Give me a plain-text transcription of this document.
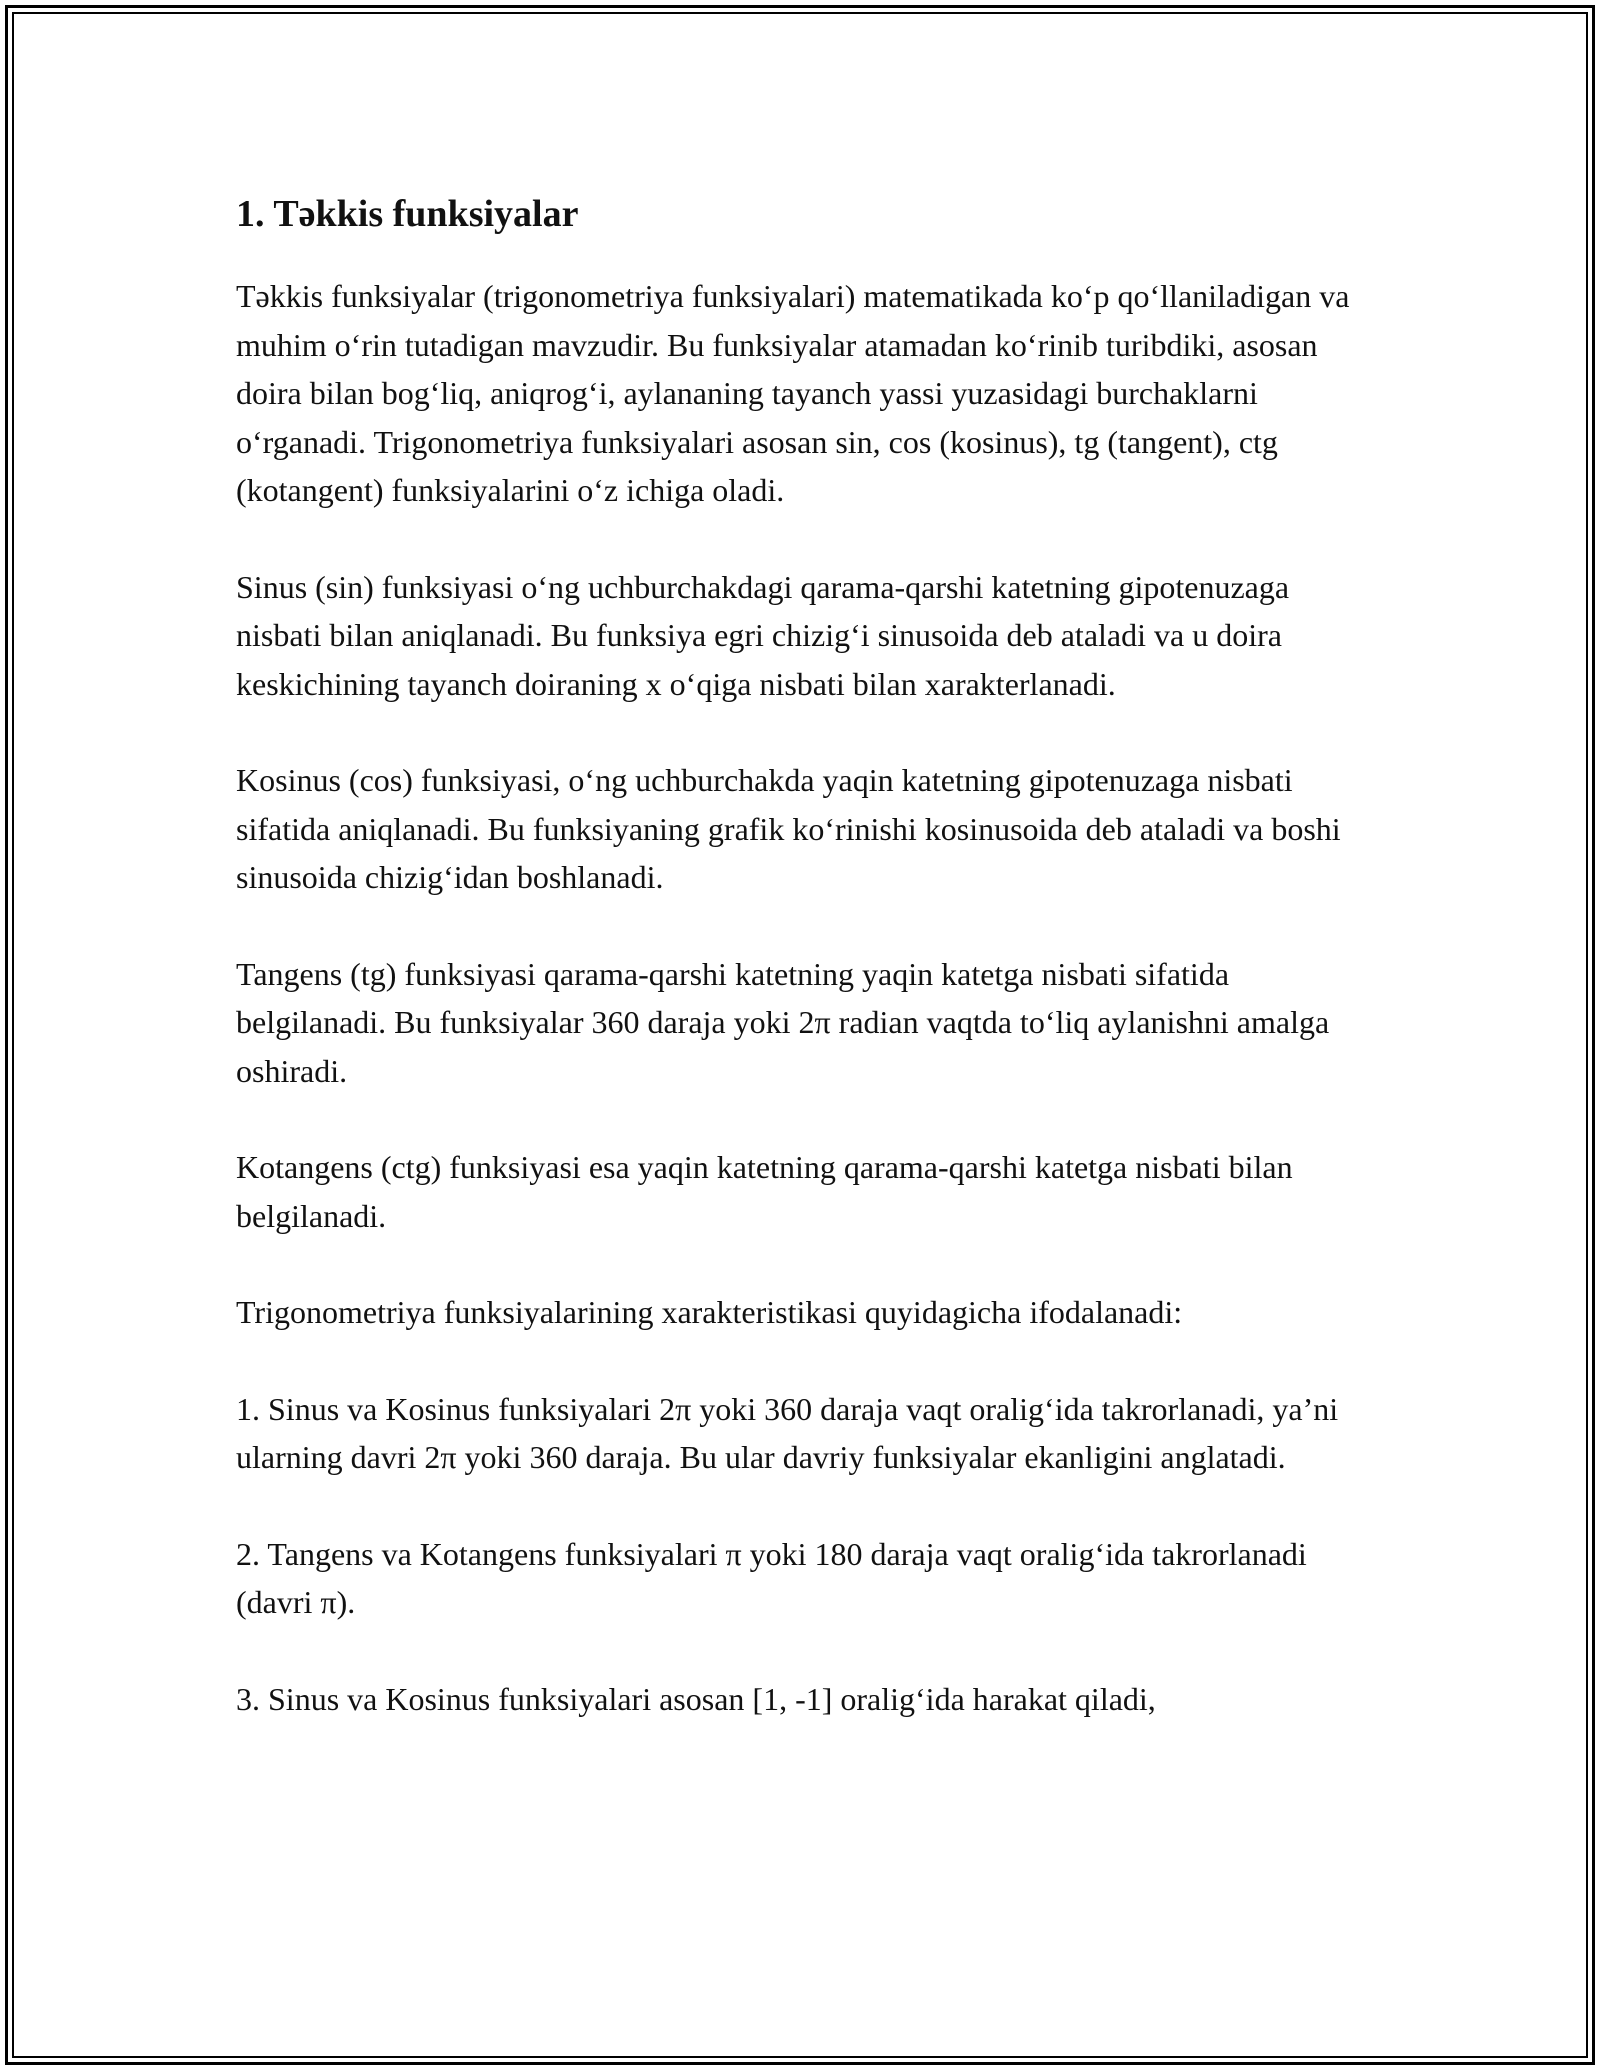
1. Təkkis funksiyalar

Təkkis funksiyalar (trigonometriya funksiyalari) matematikada ko‘p qo‘llaniladigan va muhim o‘rin tutadigan mavzudir. Bu funksiyalar atamadan ko‘rinib turibdiki, asosan doira bilan bog‘liq, aniqrog‘i, aylananing tayanch yassi yuzasidagi burchaklarni o‘rganadi. Trigonometriya funksiyalari asosan sin, cos (kosinus), tg (tangent), ctg (kotangent) funksiyalarini o‘z ichiga oladi.

Sinus (sin) funksiyasi o‘ng uchburchakdagi qarama-qarshi katetning gipotenuzaga nisbati bilan aniqlanadi. Bu funksiya egri chizig‘i sinusoida deb ataladi va u doira keskichining tayanch doiraning x o‘qiga nisbati bilan xarakterlanadi.

Kosinus (cos) funksiyasi, o‘ng uchburchakda yaqin katetning gipotenuzaga nisbati sifatida aniqlanadi. Bu funksiyaning grafik ko‘rinishi kosinusoida deb ataladi va boshi sinusoida chizig‘idan boshlanadi.

Tangens (tg) funksiyasi qarama-qarshi katetning yaqin katetga nisbati sifatida belgilanadi. Bu funksiyalar 360 daraja yoki 2π radian vaqtda to‘liq aylanishni amalga oshiradi.

Kotangens (ctg) funksiyasi esa yaqin katetning qarama-qarshi katetga nisbati bilan belgilanadi.

Trigonometriya funksiyalarining xarakteristikasi quyidagicha ifodalanadi:

1. Sinus va Kosinus funksiyalari 2π yoki 360 daraja vaqt oralig‘ida takrorlanadi, ya’ni ularning davri 2π yoki 360 daraja. Bu ular davriy funksiyalar ekanligini anglatadi.

2. Tangens va Kotangens funksiyalari π yoki 180 daraja vaqt oralig‘ida takrorlanadi (davri π).

3. Sinus va Kosinus funksiyalari asosan [1, -1] oralig‘ida harakat qiladi,
